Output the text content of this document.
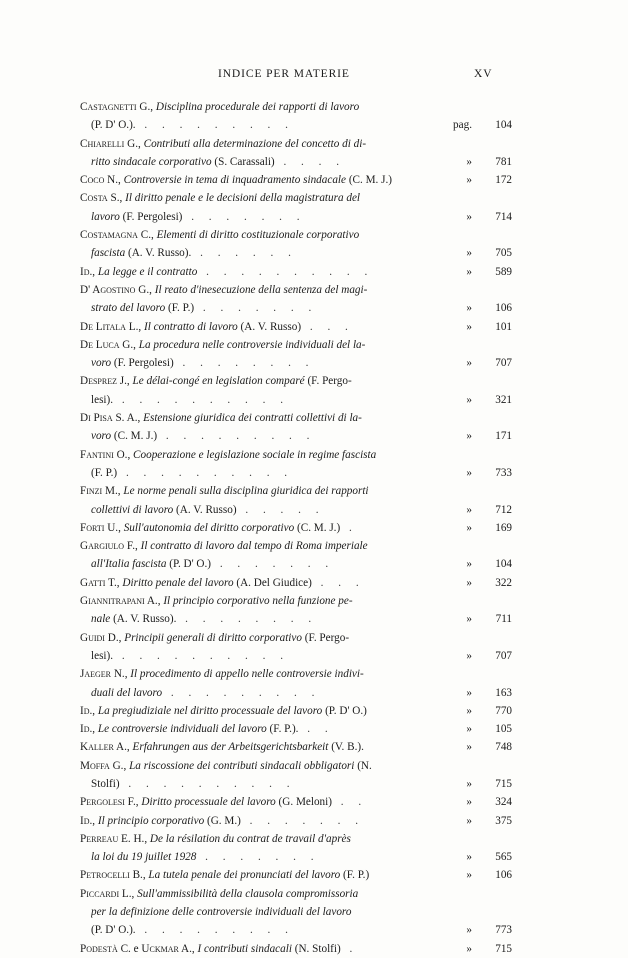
INDICE PER MATERIE	XV
Castagnetti G., Disciplina procedurale dei rapporti di lavoro
(P. D' O.). . . . . . . . . .	pag.	104
Chiarelli G., Contributi alla determinazione del concetto di di-
ritto sindacale corporativo (S. Carassali) . . . .	»	781
Coco N., Controversie in tema di inquadramento sindacale (C. M. J.)	»	172
Costa S., Il diritto penale e le decisioni della magistratura del
lavoro (F. Pergolesi) . . . . . . .	»	714
Costamagna C., Elementi di diritto costituzionale corporativo
fascista (A. V. Russo). . . . . . .	»	705
Id., La legge e il contratto . . . . . . . . . .	»	589
D' Agostino G., Il reato d'inesecuzione della sentenza del magi-
strato del lavoro (F. P.) . . . . . . .	»	106
De Litala L., Il contratto di lavoro (A. V. Russo) . . .	»	101
De Luca G., La procedura nelle controversie individuali del la-
voro (F. Pergolesi) . . . . . . . .	»	707
Desprez J., Le délai-congé en legislation comparé (F. Pergo-
lesi). . . . . . . . . . .	»	321
Di Pisa S. A., Estensione giuridica dei contratti collettivi di la-
voro (C. M. J.) . . . . . . . . .	»	171
Fantini O., Cooperazione e legislazione sociale in regime fascista
(F. P.) . . . . . . . . . .	»	733
Finzi M., Le norme penali sulla disciplina giuridica dei rapporti
collettivi di lavoro (A. V. Russo) . . . . .	»	712
Forti U., Sull'autonomia del diritto corporativo (C. M. J.) .	»	169
Gargiulo F., Il contratto di lavoro dal tempo di Roma imperiale
all'Italia fascista (P. D' O.) . . . . . . .	»	104
Gatti T., Diritto penale del lavoro (A. Del Giudice) . . .	»	322
Giannitrapani A., Il principio corporativo nella funzione pe-
nale (A. V. Russo). . . . . . . . .	»	711
Guidi D., Principii generali di diritto corporativo (F. Pergo-
lesi). . . . . . . . . . .	»	707
Jaeger N., Il procedimento di appello nelle controversie indivi-
duali del lavoro . . . . . . . . .	»	163
Id., La pregiudiziale nel diritto processuale del lavoro (P. D' O.)	»	770
Id., Le controversie individuali del lavoro (F. P.). . .	»	105
Kaller A., Erfahrungen aus der Arbeitsgerichtsbarkeit (V. B.).	»	748
Moffa G., La riscossione dei contributi sindacali obbligatori (N.
Stolfi) . . . . . . . . . .	»	715
Pergolesi F., Diritto processuale del lavoro (G. Meloni) . .	»	324
Id., Il principio corporativo (G. M.) . . . . . . .	»	375
Perreau E. H., De la résilation du contrat de travail d'après
la loi du 19 juillet 1928 . . . . . . .	»	565
Petrocelli B., La tutela penale dei pronunciati del lavoro (F. P.)	»	106
Piccardi L., Sull'ammissibilità della clausola compromissoria
per la definizione delle controversie individuali del lavoro
(P. D' O.). . . . . . . . . .	»	773
Podestà C. e Uckmar A., I contributi sindacali (N. Stolfi) .	»	715
